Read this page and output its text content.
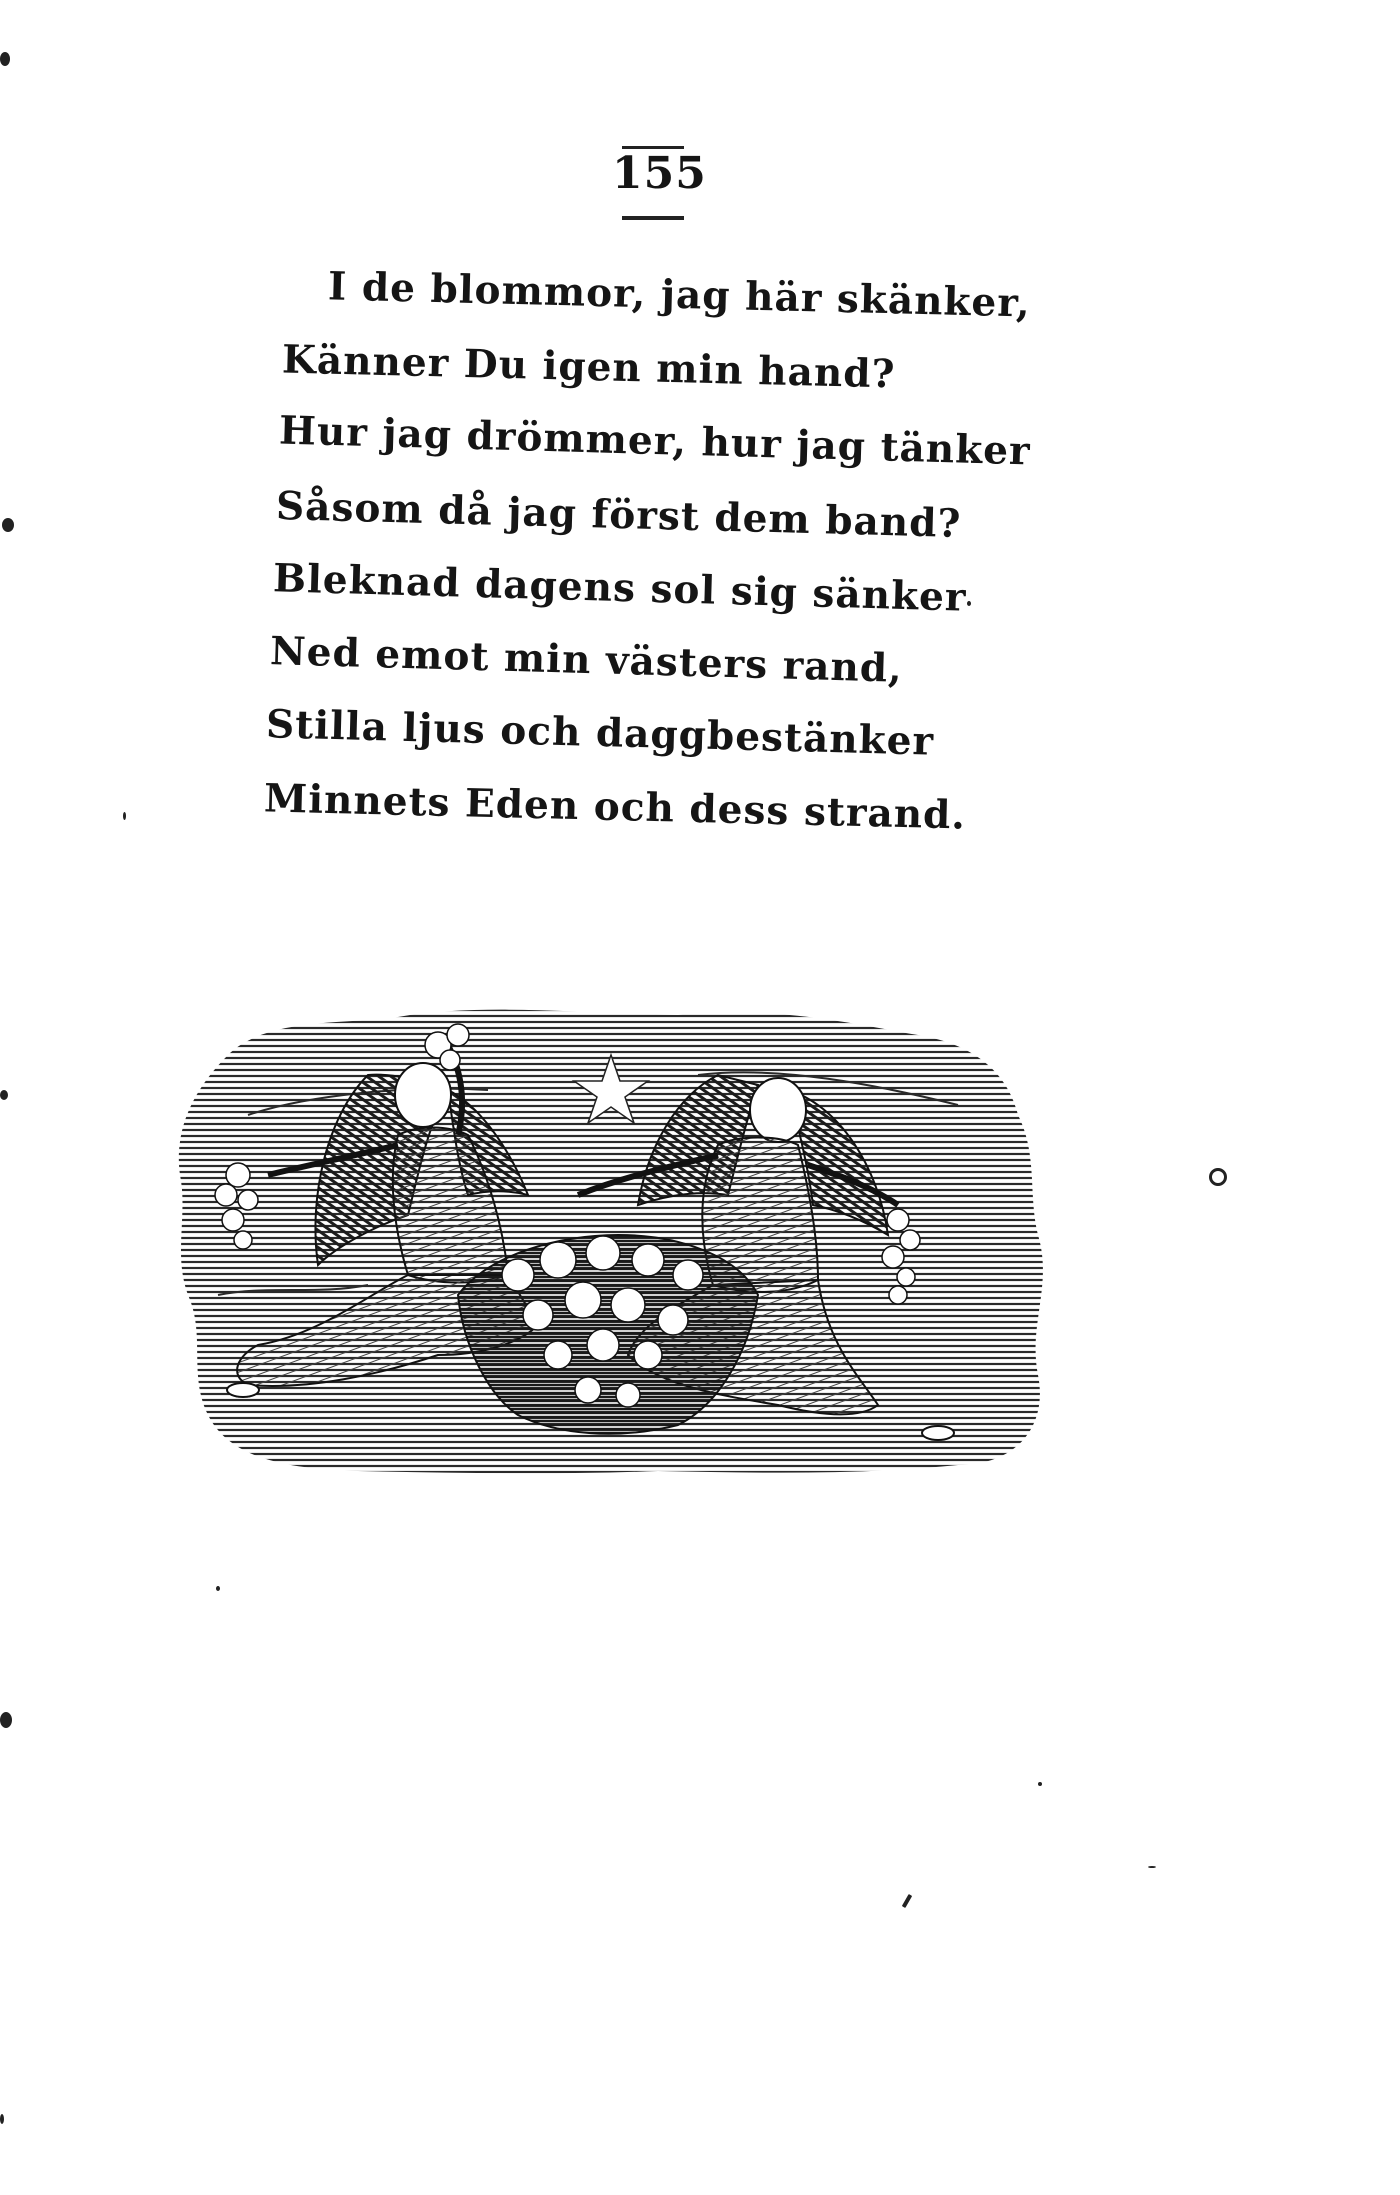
155
I de blommor, jag här skänker,
Känner Du igen min hand?
Hur jag drömmer, hur jag tänker
Såsom då jag först dem band?
Bleknad dagens sol sig sänker
Ned emot min västers rand,
Stilla ljus och daggbestänker
Minnets Eden och dess strand.
